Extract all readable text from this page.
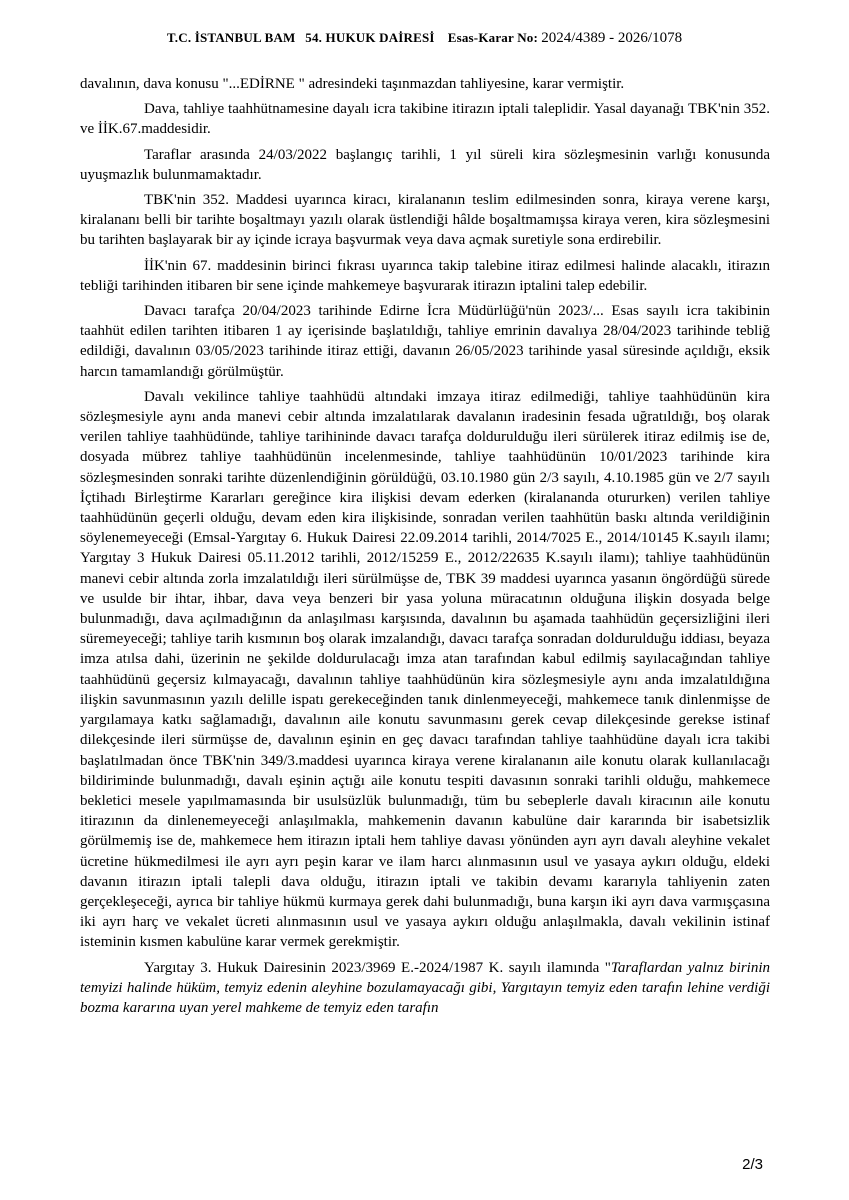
T.C. İSTANBUL BAM 54. HUKUK DAİRESİ Esas-Karar No: 2024/4389 - 2026/1078

davalının, dava konusu "...EDİRNE " adresindeki taşınmazdan tahliyesine, karar vermiştir.

Dava, tahliye taahhütnamesine dayalı icra takibine itirazın iptali taleplidir. Yasal dayanağı TBK'nin 352. ve İİK.67.maddesidir.

Taraflar arasında 24/03/2022 başlangıç tarihli, 1 yıl süreli kira sözleşmesinin varlığı konusunda uyuşmazlık bulunmamaktadır.

TBK'nin 352. Maddesi uyarınca kiracı, kiralananın teslim edilmesinden sonra, kiraya verene karşı, kiralananı belli bir tarihte boşaltmayı yazılı olarak üstlendiği hâlde boşaltmamışsa kiraya veren, kira sözleşmesini bu tarihten başlayarak bir ay içinde icraya başvurmak veya dava açmak suretiyle sona erdirebilir.

İİK'nin 67. maddesinin birinci fıkrası uyarınca takip talebine itiraz edilmesi halinde alacaklı, itirazın tebliği tarihinden itibaren bir sene içinde mahkemeye başvurarak itirazın iptalini talep edebilir.

Davacı tarafça 20/04/2023 tarihinde Edirne İcra Müdürlüğü'nün 2023/... Esas sayılı icra takibinin taahhüt edilen tarihten itibaren 1 ay içerisinde başlatıldığı, tahliye emrinin davalıya 28/04/2023 tarihinde tebliğ edildiği, davalının 03/05/2023 tarihinde itiraz ettiği, davanın 26/05/2023 tarihinde yasal süresinde açıldığı, eksik harcın tamamlandığı görülmüştür.

Davalı vekilince tahliye taahhüdü altındaki imzaya itiraz edilmediği, tahliye taahhüdünün kira sözleşmesiyle aynı anda manevi cebir altında imzalatılarak davalanın iradesinin fesada uğratıldığı, boş olarak verilen tahliye taahhüdünde, tahliye tarihininde davacı tarafça doldurulduğu ileri sürülerek itiraz edilmiş ise de, dosyada mübrez tahliye taahhüdünün incelenmesinde, tahliye taahhüdünün 10/01/2023 tarihinde kira sözleşmesinden sonraki tarihte düzenlendiğinin görüldüğü, 03.10.1980 gün 2/3 sayılı, 4.10.1985 gün ve 2/7 sayılı İçtihadı Birleştirme Kararları gereğince kira ilişkisi devam ederken (kiralananda otururken) verilen tahliye taahhüdünün geçerli olduğu, devam eden kira ilişkisinde, sonradan verilen taahhütün baskı altında verildiğinin söylenemeyeceği (Emsal-Yargıtay 6. Hukuk Dairesi 22.09.2014 tarihli, 2014/7025 E., 2014/10145 K.sayılı ilamı; Yargıtay 3 Hukuk Dairesi 05.11.2012 tarihli, 2012/15259 E., 2012/22635 K.sayılı ilamı); tahliye taahhüdünün manevi cebir altında zorla imzalatıldığı ileri sürülmüşse de, TBK 39 maddesi uyarınca yasanın öngördüğü sürede ve usulde bir ihtar, ihbar, dava veya benzeri bir yasa yoluna müracatının olduğuna ilişkin dosyada belge bulunmadığı, dava açılmadığının da anlaşılması karşısında, davalının bu aşamada taahhüdün geçersizliğini ileri süremeyeceği; tahliye tarih kısmının boş olarak imzalandığı, davacı tarafça sonradan doldurulduğu iddiası, beyaza imza atılsa dahi, üzerinin ne şekilde doldurulacağı imza atan tarafından kabul edilmiş sayılacağından tahliye taahhüdünü geçersiz kılmayacağı, davalının tahliye taahhüdünün kira sözleşmesiyle aynı anda imzalatıldığına ilişkin savunmasının yazılı delille ispatı gerekeceğinden tanık dinlenmeyeceği, mahkemece tanık dinlenmişse de yargılamaya katkı sağlamadığı, davalının aile konutu savunmasını gerek cevap dilekçesinde gerekse istinaf dilekçesinde ileri sürmüşse de, davalının eşinin en geç davacı tarafından tahliye taahhüdüne dayalı icra takibi başlatılmadan önce TBK'nin 349/3.maddesi uyarınca kiraya verene kiralananın aile konutu olarak kullanılacağı bildiriminde bulunmadığı, davalı eşinin açtığı aile konutu tespiti davasının sonraki tarihli olduğu, mahkemece bekletici mesele yapılmamasında bir usulsüzlük bulunmadığı, tüm bu sebeplerle davalı kiracının aile konutu itirazının da dinlenemeyeceği anlaşılmakla, mahkemenin davanın kabulüne dair kararında bir isabetsizlik görülmemiş ise de, mahkemece hem itirazın iptali hem tahliye davası yönünden ayrı ayrı davalı aleyhine vekalet ücretine hükmedilmesi ile ayrı ayrı peşin karar ve ilam harcı alınmasının usul ve yasaya aykırı olduğu, eldeki davanın itirazın iptali talepli dava olduğu, itirazın iptali ve takibin devamı kararıyla tahliyenin zaten gerçekleşeceği, ayrıca bir tahliye hükmü kurmaya gerek dahi bulunmadığı, buna karşın iki ayrı dava varmışçasına iki ayrı harç ve vekalet ücreti alınmasının usul ve yasaya aykırı olduğu anlaşılmakla, davalı vekilinin istinaf isteminin kısmen kabulüne karar vermek gerekmiştir.

Yargıtay 3. Hukuk Dairesinin 2023/3969 E.-2024/1987 K. sayılı ilamında "Taraflardan yalnız birinin temyizi halinde hüküm, temyiz edenin aleyhine bozulamayacağı gibi, Yargıtayın temyiz eden tarafın lehine verdiği bozma kararına uyan yerel mahkeme de temyiz eden tarafın

2/3
